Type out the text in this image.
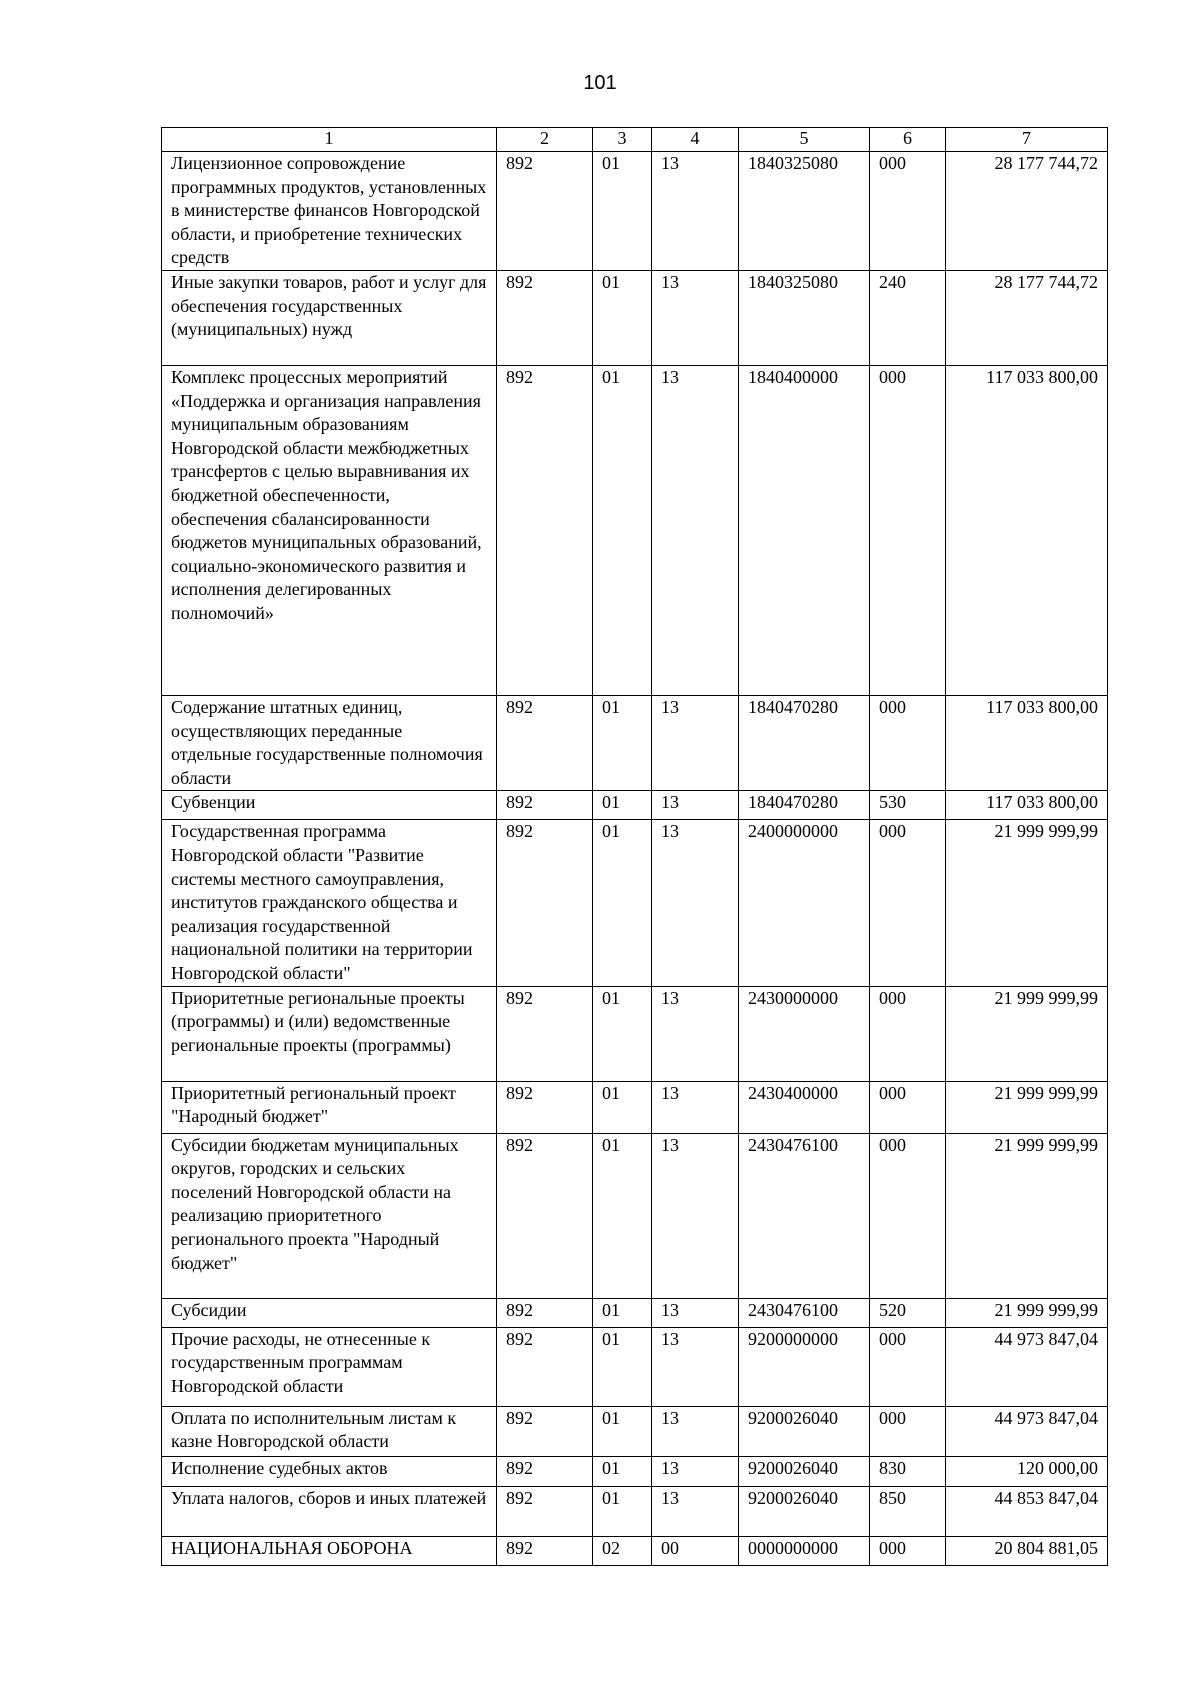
101
1	2	3	4	5	6	7
Лицензионное сопровождение программных продуктов, установленных в министерстве финансов Новгородской области, и приобретение технических средств	892	01	13	1840325080	000	28 177 744,72
Иные закупки товаров, работ и услуг для обеспечения государственных (муниципальных) нужд	892	01	13	1840325080	240	28 177 744,72
Комплекс процессных мероприятий «Поддержка и организация направления муниципальным образованиям Новгородской области межбюджетных трансфертов с целью выравнивания их бюджетной обеспеченности, обеспечения сбалансированности бюджетов муниципальных образований, социально-экономического развития и исполнения делегированных полномочий»	892	01	13	1840400000	000	117 033 800,00
Содержание штатных единиц, осуществляющих переданные отдельные государственные полномочия области	892	01	13	1840470280	000	117 033 800,00
Субвенции	892	01	13	1840470280	530	117 033 800,00
Государственная программа Новгородской области "Развитие системы местного самоуправления, институтов гражданского общества и реализация государственной национальной политики на территории Новгородской области"	892	01	13	2400000000	000	21 999 999,99
Приоритетные региональные проекты (программы) и (или) ведомственные региональные проекты (программы)	892	01	13	2430000000	000	21 999 999,99
Приоритетный региональный проект "Народный бюджет"	892	01	13	2430400000	000	21 999 999,99
Субсидии бюджетам муниципальных округов, городских и сельских поселений Новгородской области на реализацию приоритетного регионального проекта "Народный бюджет"	892	01	13	2430476100	000	21 999 999,99
Субсидии	892	01	13	2430476100	520	21 999 999,99
Прочие расходы, не отнесенные к государственным программам Новгородской области	892	01	13	9200000000	000	44 973 847,04
Оплата по исполнительным листам к казне Новгородской области	892	01	13	9200026040	000	44 973 847,04
Исполнение судебных актов	892	01	13	9200026040	830	120 000,00
Уплата налогов, сборов и иных платежей	892	01	13	9200026040	850	44 853 847,04
НАЦИОНАЛЬНАЯ ОБОРОНА	892	02	00	0000000000	000	20 804 881,05
